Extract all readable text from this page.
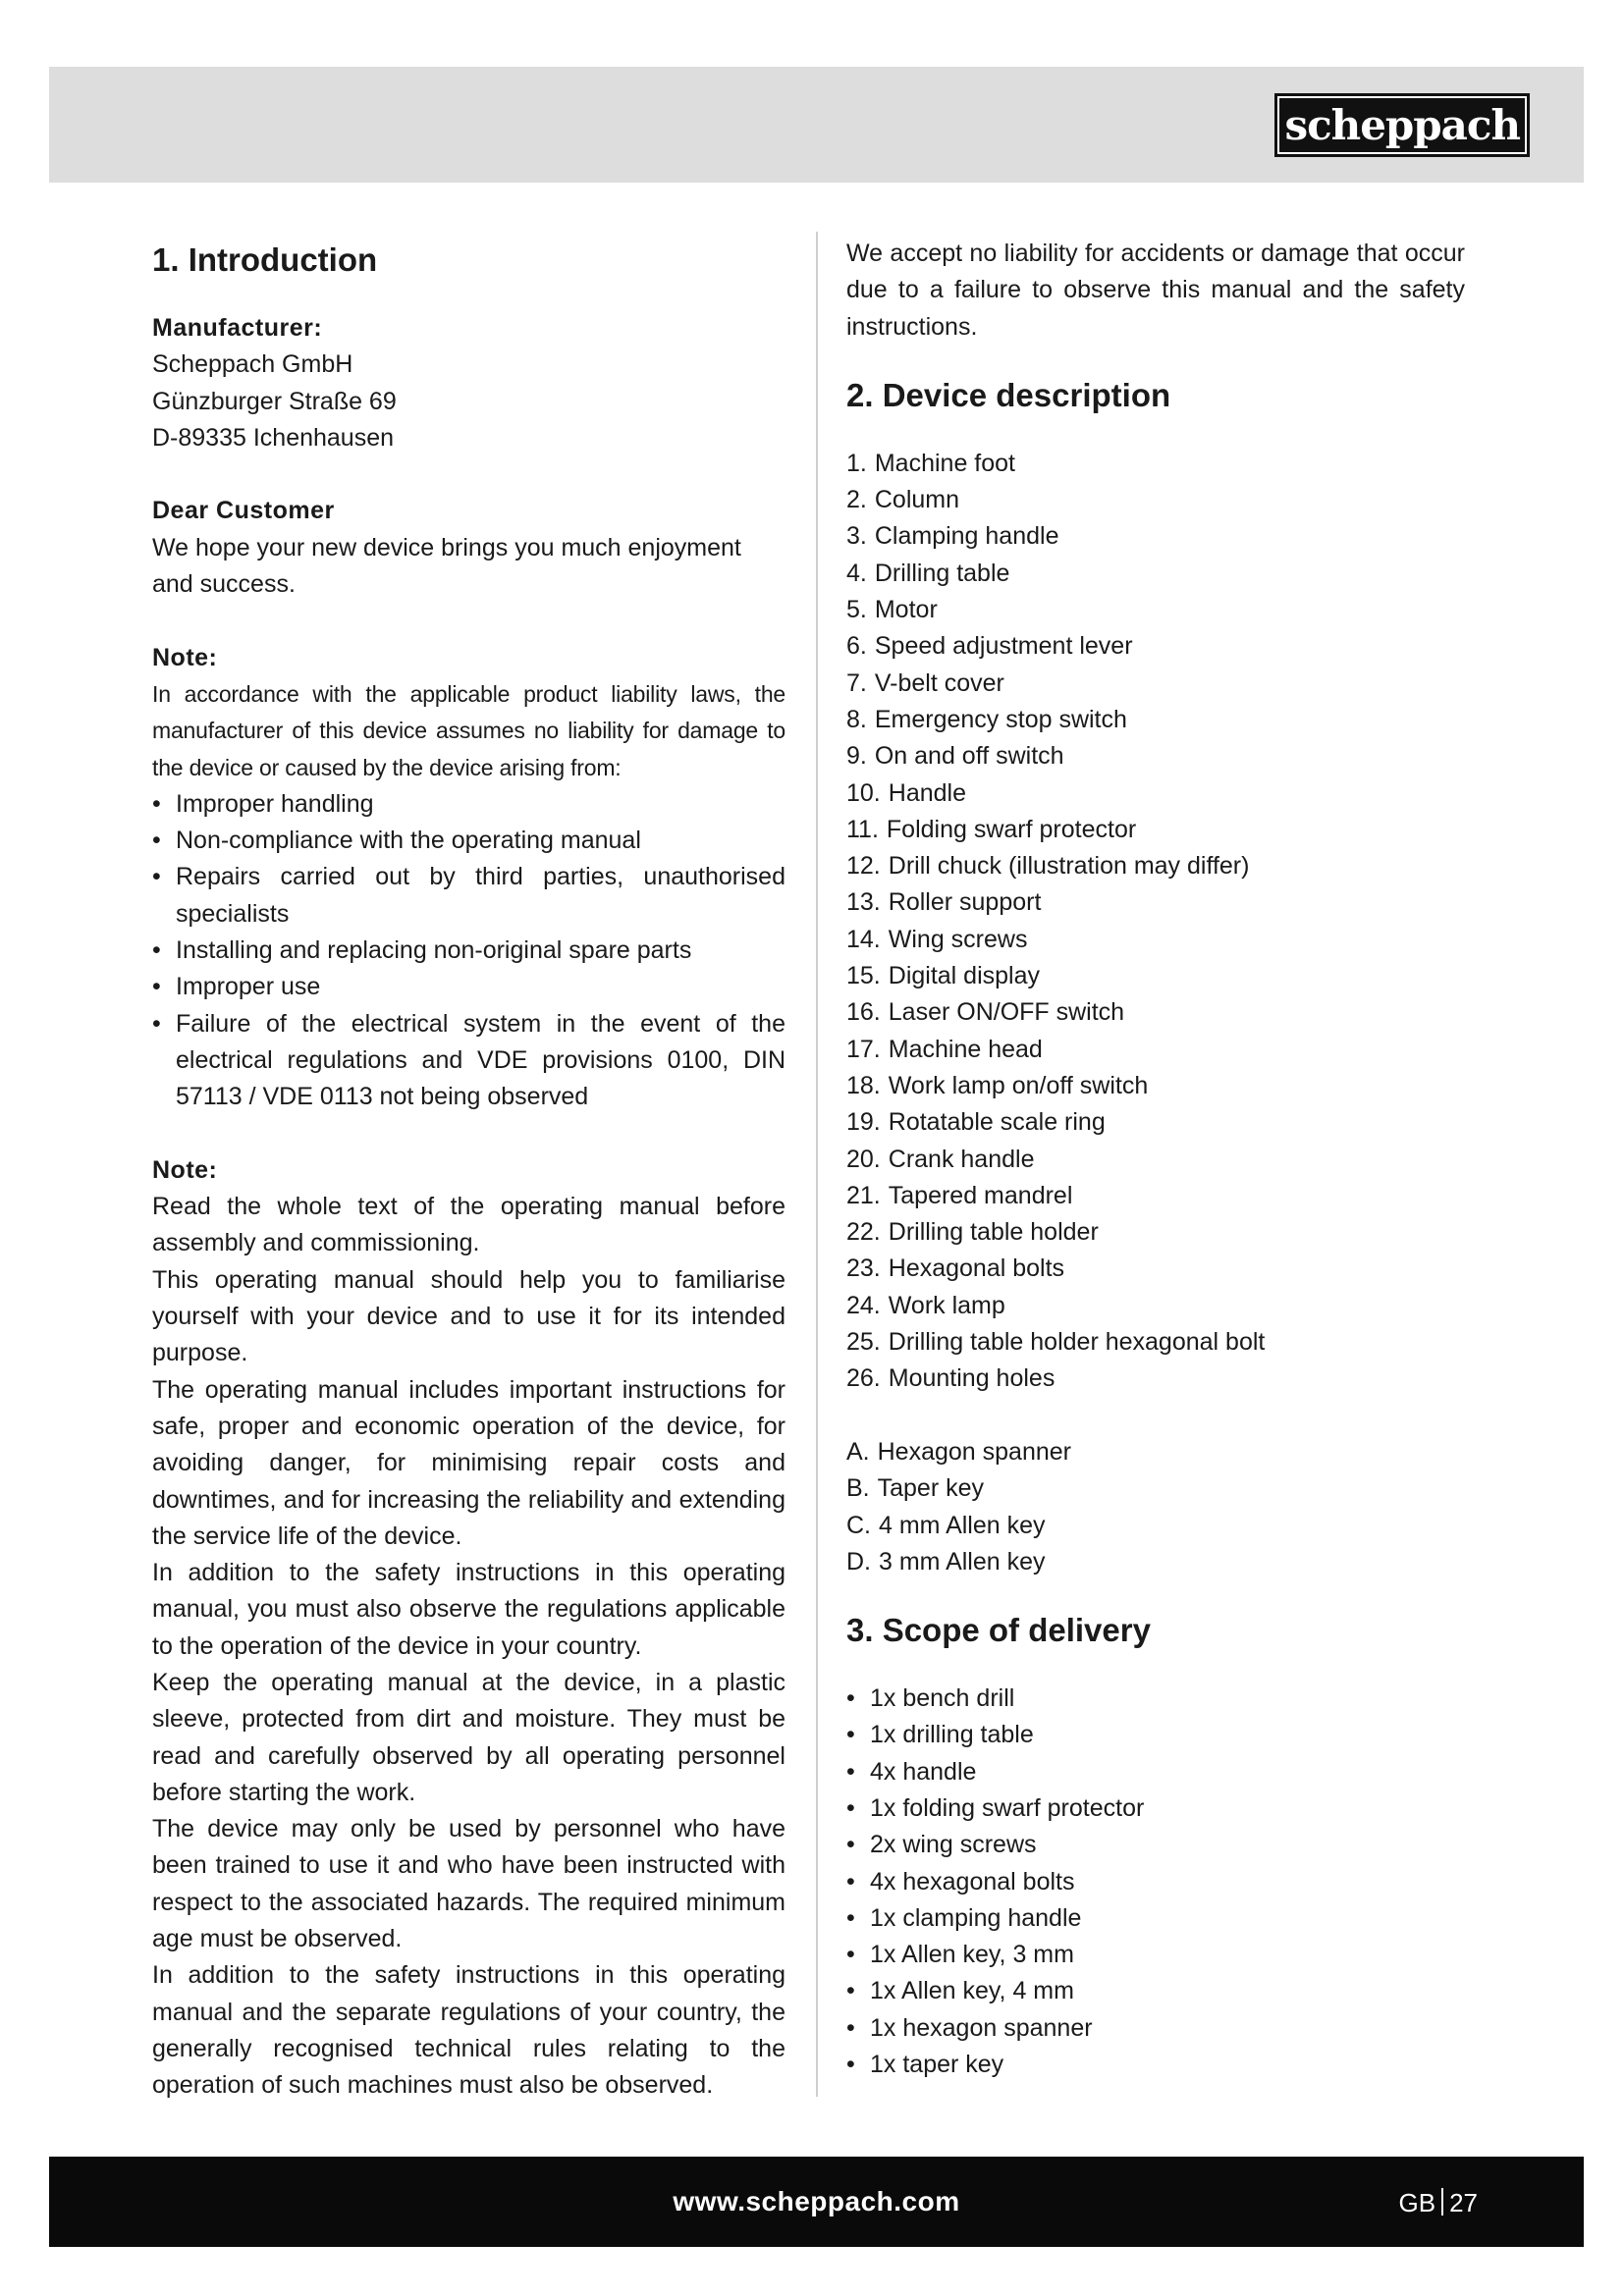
scheppach
1. Introduction
Manufacturer:
Scheppach GmbH
Günzburger Straße 69
D-89335 Ichenhausen
Dear Customer

We hope your new device brings you much enjoyment and success.

Note:

In accordance with the applicable product liability laws, the manufacturer of this device assumes no liability for damage to the device or caused by the device arising from:

• Improper handling
• Non-compliance with the operating manual
• Repairs carried out by third parties, unauthorised specialists
• Installing and replacing non-original spare parts
• Improper use
• Failure of the electrical system in the event of the electrical regulations and VDE provisions 0100, DIN 57113 / VDE 0113 not being observed
Note:

Read the whole text of the operating manual before assembly and commissioning.

This operating manual should help you to familiarise yourself with your device and to use it for its intended purpose.

The operating manual includes important instructions for safe, proper and economic operation of the device, for avoiding danger, for minimising repair costs and downtimes, and for increasing the reliability and extending the service life of the device.

In addition to the safety instructions in this operating manual, you must also observe the regulations applicable to the operation of the device in your country.

Keep the operating manual at the device, in a plastic sleeve, protected from dirt and moisture. They must be read and carefully observed by all operating personnel before starting the work.

The device may only be used by personnel who have been trained to use it and who have been instructed with respect to the associated hazards. The required minimum age must be observed.

In addition to the safety instructions in this operating manual and the separate regulations of your country, the generally recognised technical rules relating to the operation of such machines must also be observed.

We accept no liability for accidents or damage that occur due to a failure to observe this manual and the safety instructions.

2. Device description
1. Machine foot
2. Column
3. Clamping handle
4. Drilling table
5. Motor
6. Speed adjustment lever
7. V-belt cover
8. Emergency stop switch
9. On and off switch
10. Handle
11. Folding swarf protector
12. Drill chuck (illustration may differ)
13. Roller support
14. Wing screws
15. Digital display
16. Laser ON/OFF switch
17. Machine head
18. Work lamp on/off switch
19. Rotatable scale ring
20. Crank handle
21. Tapered mandrel
22. Drilling table holder
23. Hexagonal bolts
24. Work lamp
25. Drilling table holder hexagonal bolt
26. Mounting holes
A. Hexagon spanner
B. Taper key
C. 4 mm Allen key
D. 3 mm Allen key
3. Scope of delivery
• 1x bench drill
• 1x drilling table
• 4x handle
• 1x folding swarf protector
• 2x wing screws
• 4x hexagonal bolts
• 1x clamping handle
• 1x Allen key, 3 mm
• 1x Allen key, 4 mm
• 1x hexagon spanner
• 1x taper key
www.scheppach.com	GB 27
